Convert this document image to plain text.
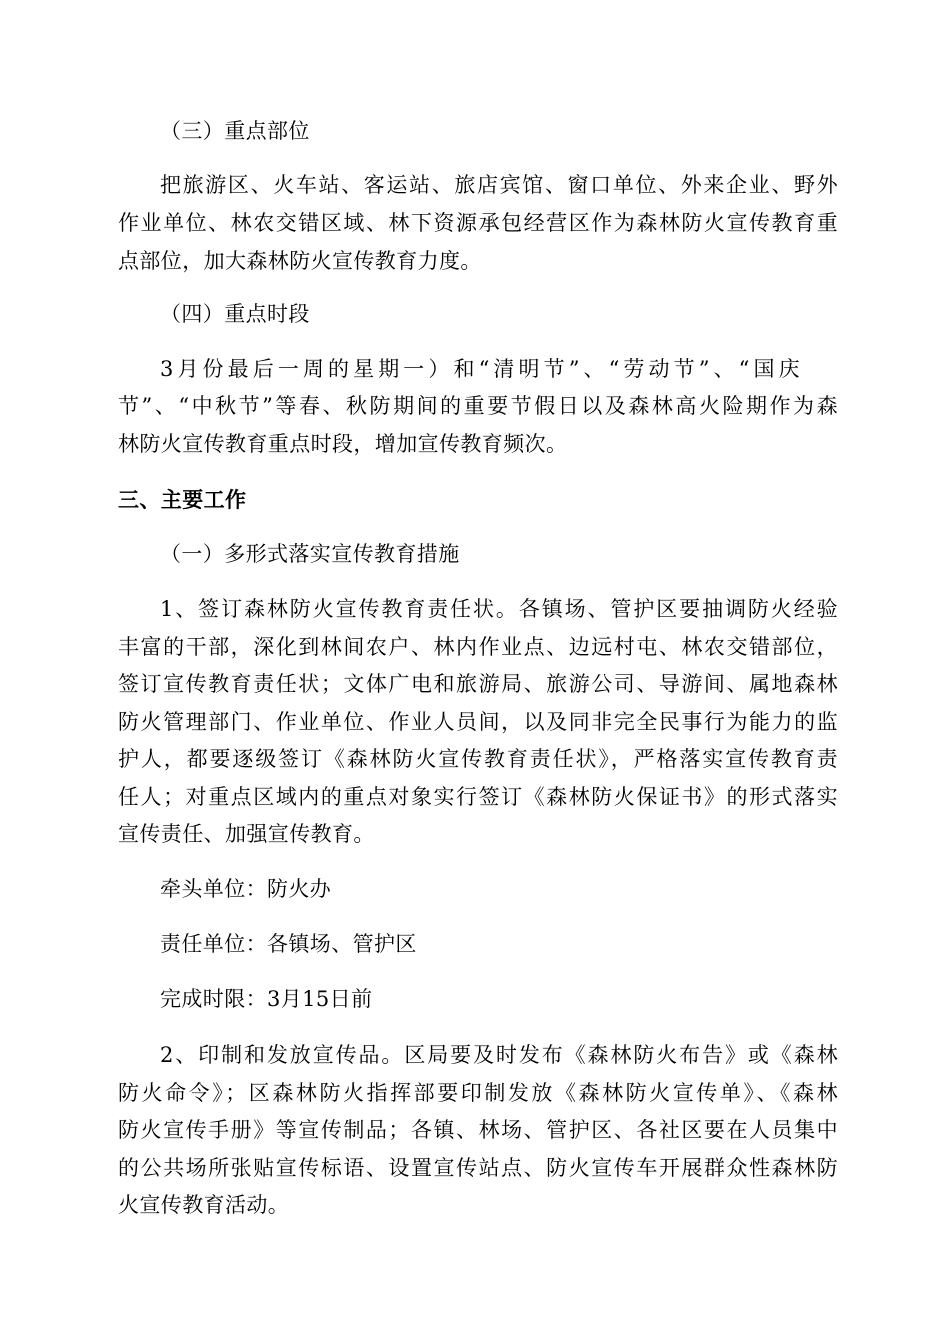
（三）重点部位
把旅游区、火车站、客运站、旅店宾馆、窗口单位、外来企业、野外
作业单位、林农交错区域、林下资源承包经营区作为森林防火宣传教育重
点部位，加大森林防火宣传教育力度。
（四）重点时段
3月份最后一周的星期一）和“清明节”、“劳动节”、“国庆
节”、“中秋节”等春、秋防期间的重要节假日以及森林高火险期作为森
林防火宣传教育重点时段，增加宣传教育频次。
三、主要工作
（一）多形式落实宣传教育措施
1、签订森林防火宣传教育责任状。各镇场、管护区要抽调防火经验
丰富的干部，深化到林间农户、林内作业点、边远村屯、林农交错部位，
签订宣传教育责任状；文体广电和旅游局、旅游公司、导游间、属地森林
防火管理部门、作业单位、作业人员间，以及同非完全民事行为能力的监
护人，都要逐级签订《森林防火宣传教育责任状》，严格落实宣传教育责
任人；对重点区域内的重点对象实行签订《森林防火保证书》的形式落实
宣传责任、加强宣传教育。
牵头单位：防火办
责任单位：各镇场、管护区
完成时限：3月15日前
2、印制和发放宣传品。区局要及时发布《森林防火布告》或《森林
防火命令》；区森林防火指挥部要印制发放《森林防火宣传单》、《森林
防火宣传手册》等宣传制品；各镇、林场、管护区、各社区要在人员集中
的公共场所张贴宣传标语、设置宣传站点、防火宣传车开展群众性森林防
火宣传教育活动。
